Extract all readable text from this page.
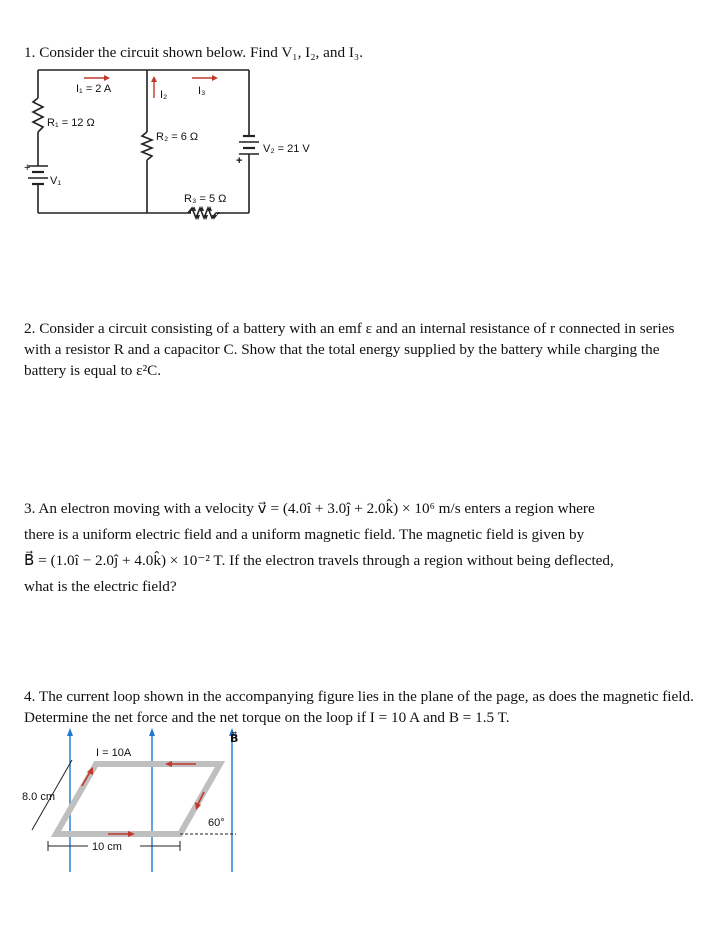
1. Consider the circuit shown below. Find V₁, I₂, and I₃.
I₁ = 2 A	I₂	I₃
R₁ = 12 Ω
R₂ = 6 Ω
R₃ = 5 Ω
V₁
V₂ = 21 V
+
+
2. Consider a circuit consisting of a battery with an emf ε and an internal resistance of r connected in series with a resistor R and a capacitor C. Show that the total energy supplied by the battery while charging the battery is equal to ε²C.
3. An electron moving with a velocity v⃗ = (4.0î + 3.0ĵ + 2.0k̂) × 10⁶ m/s enters a region where
there is a uniform electric field and a uniform magnetic field. The magnetic field is given by
B⃗ = (1.0î − 2.0ĵ + 4.0k̂) × 10⁻² T. If the electron travels through a region without being deflected,
what is the electric field?
4. The current loop shown in the accompanying figure lies in the plane of the page, as does the magnetic field. Determine the net force and the net torque on the loop if I = 10 A and B = 1.5 T.
B⃗
8.0 cm
I = 10A
10 cm
60°
